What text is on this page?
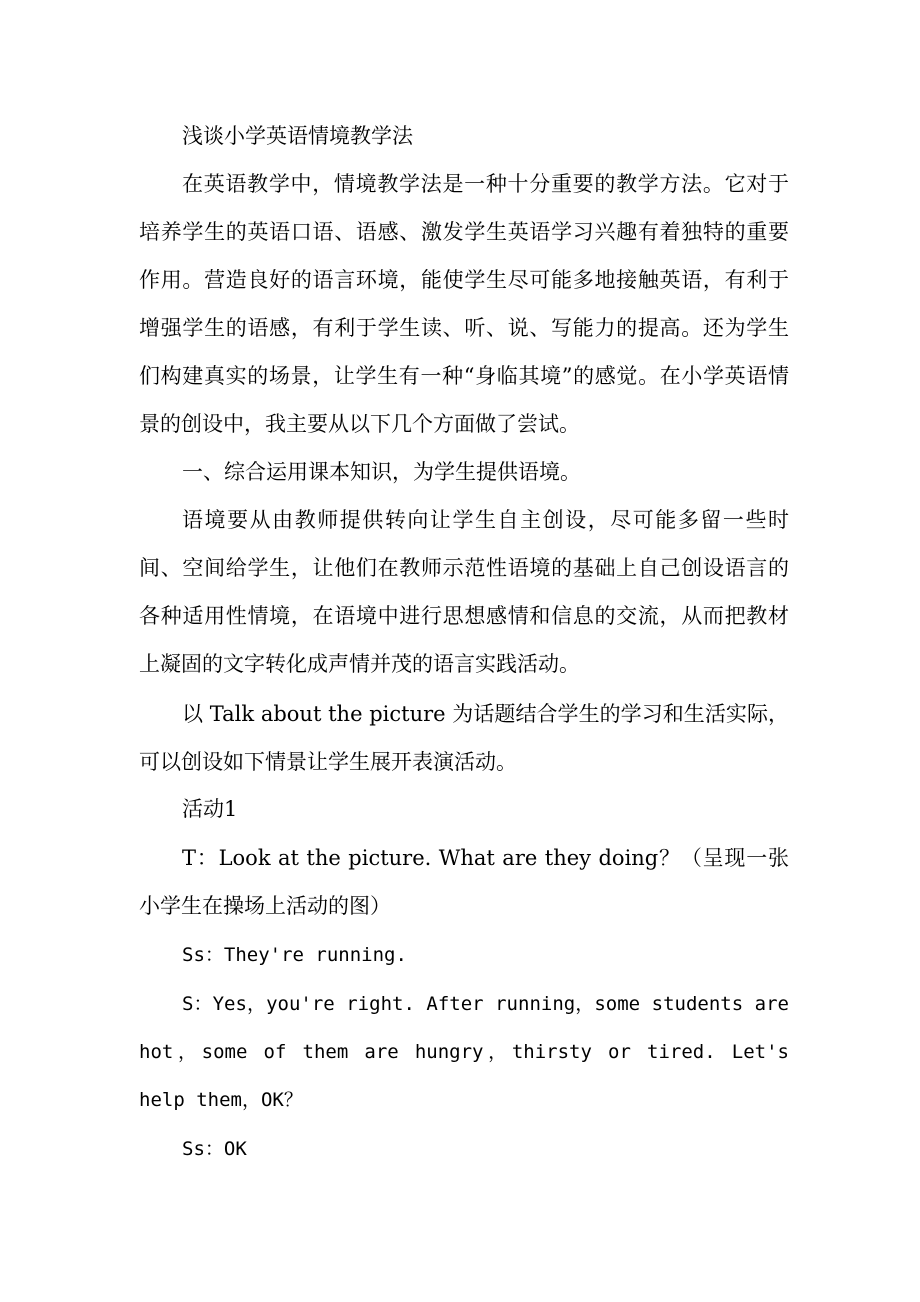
浅谈小学英语情境教学法

在英语教学中，情境教学法是一种十分重要的教学方法。它对于培养学生的英语口语、语感、激发学生英语学习兴趣有着独特的重要作用。营造良好的语言环境，能使学生尽可能多地接触英语，有利于增强学生的语感，有利于学生读、听、说、写能力的提高。还为学生们构建真实的场景，让学生有一种“身临其境”的感觉。在小学英语情景的创设中，我主要从以下几个方面做了尝试。

一、综合运用课本知识，为学生提供语境。

语境要从由教师提供转向让学生自主创设，尽可能多留一些时间、空间给学生，让他们在教师示范性语境的基础上自己创设语言的各种适用性情境，在语境中进行思想感情和信息的交流，从而把教材上凝固的文字转化成声情并茂的语言实践活动。

以 Talk about the picture 为话题结合学生的学习和生活实际，可以创设如下情景让学生展开表演活动。

活动1

T：Look at the picture. What are they doing？（呈现一张小学生在操场上活动的图）

Ss：They're running.

S：Yes，you're right. After running，some students are hot，some of them are hungry，thirsty or tired. Let's help them，OK？

Ss：OK
